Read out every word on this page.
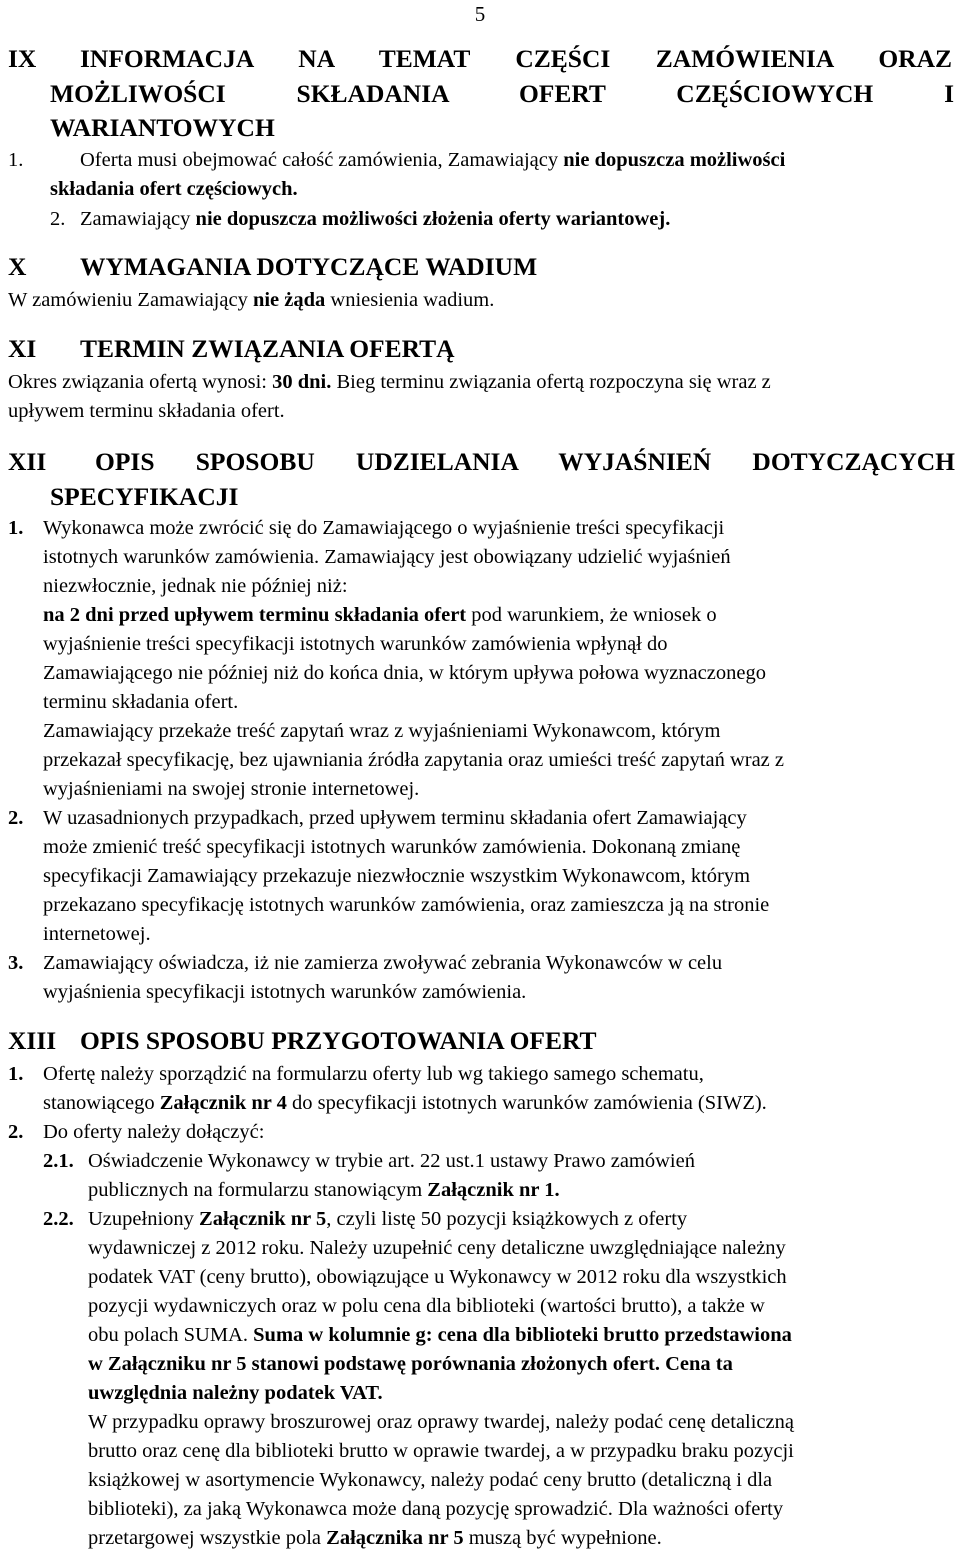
5
IX INFORMACJA NA TEMAT CZĘŚCI ZAMÓWIENIA ORAZ
MOŻLIWOŚCI SKŁADANIA OFERT CZĘŚCIOWYCH I
WARIANTOWYCH
1.	Oferta musi obejmować całość zamówienia, Zamawiający nie dopuszcza możliwości
składania ofert częściowych.
2. Zamawiający nie dopuszcza możliwości złożenia oferty wariantowej.
X WYMAGANIA DOTYCZĄCE WADIUM
W zamówieniu Zamawiający nie żąda wniesienia wadium.
XI TERMIN ZWIĄZANIA OFERTĄ
Okres związania ofertą wynosi: 30 dni. Bieg terminu związania ofertą rozpoczyna się wraz z
upływem terminu składania ofert.
XII OPIS SPOSOBU UDZIELANIA WYJAŚNIEŃ DOTYCZĄCYCH
SPECYFIKACJI
1. Wykonawca może zwrócić się do Zamawiającego o wyjaśnienie treści specyfikacji
istotnych warunków zamówienia. Zamawiający jest obowiązany udzielić wyjaśnień
niezwłocznie, jednak nie później niż:
na 2 dni przed upływem terminu składania ofert pod warunkiem, że wniosek o
wyjaśnienie treści specyfikacji istotnych warunków zamówienia wpłynął do
Zamawiającego nie później niż do końca dnia, w którym upływa połowa wyznaczonego
terminu składania ofert.
Zamawiający przekaże treść zapytań wraz z wyjaśnieniami Wykonawcom, którym
przekazał specyfikację, bez ujawniania źródła zapytania oraz umieści treść zapytań wraz z
wyjaśnieniami na swojej stronie internetowej.
2. W uzasadnionych przypadkach, przed upływem terminu składania ofert Zamawiający
może zmienić treść specyfikacji istotnych warunków zamówienia. Dokonaną zmianę
specyfikacji Zamawiający przekazuje niezwłocznie wszystkim Wykonawcom, którym
przekazano specyfikację istotnych warunków zamówienia, oraz zamieszcza ją na stronie
internetowej.
3. Zamawiający oświadcza, iż nie zamierza zwoływać zebrania Wykonawców w celu
wyjaśnienia specyfikacji istotnych warunków zamówienia.
XIII OPIS SPOSOBU PRZYGOTOWANIA OFERT
1. Ofertę należy sporządzić na formularzu oferty lub wg takiego samego schematu,
stanowiącego Załącznik nr 4 do specyfikacji istotnych warunków zamówienia (SIWZ).
2. Do oferty należy dołączyć:
2.1. Oświadczenie Wykonawcy w trybie art. 22 ust.1 ustawy Prawo zamówień
publicznych na formularzu stanowiącym Załącznik nr 1.
2.2. Uzupełniony Załącznik nr 5, czyli listę 50 pozycji książkowych z oferty
wydawniczej z 2012 roku. Należy uzupełnić ceny detaliczne uwzględniające należny
podatek VAT (ceny brutto), obowiązujące u Wykonawcy w 2012 roku dla wszystkich
pozycji wydawniczych oraz w polu cena dla biblioteki (wartości brutto), a także w
obu polach SUMA. Suma w kolumnie g: cena dla biblioteki brutto przedstawiona
w Załączniku nr 5 stanowi podstawę porównania złożonych ofert. Cena ta
uwzględnia należny podatek VAT.
W przypadku oprawy broszurowej oraz oprawy twardej, należy podać cenę detaliczną
brutto oraz cenę dla biblioteki brutto w oprawie twardej, a w przypadku braku pozycji
książkowej w asortymencie Wykonawcy, należy podać ceny brutto (detaliczną i dla
biblioteki), za jaką Wykonawca może daną pozycję sprowadzić. Dla ważności oferty
przetargowej wszystkie pola Załącznika nr 5 muszą być wypełnione.
